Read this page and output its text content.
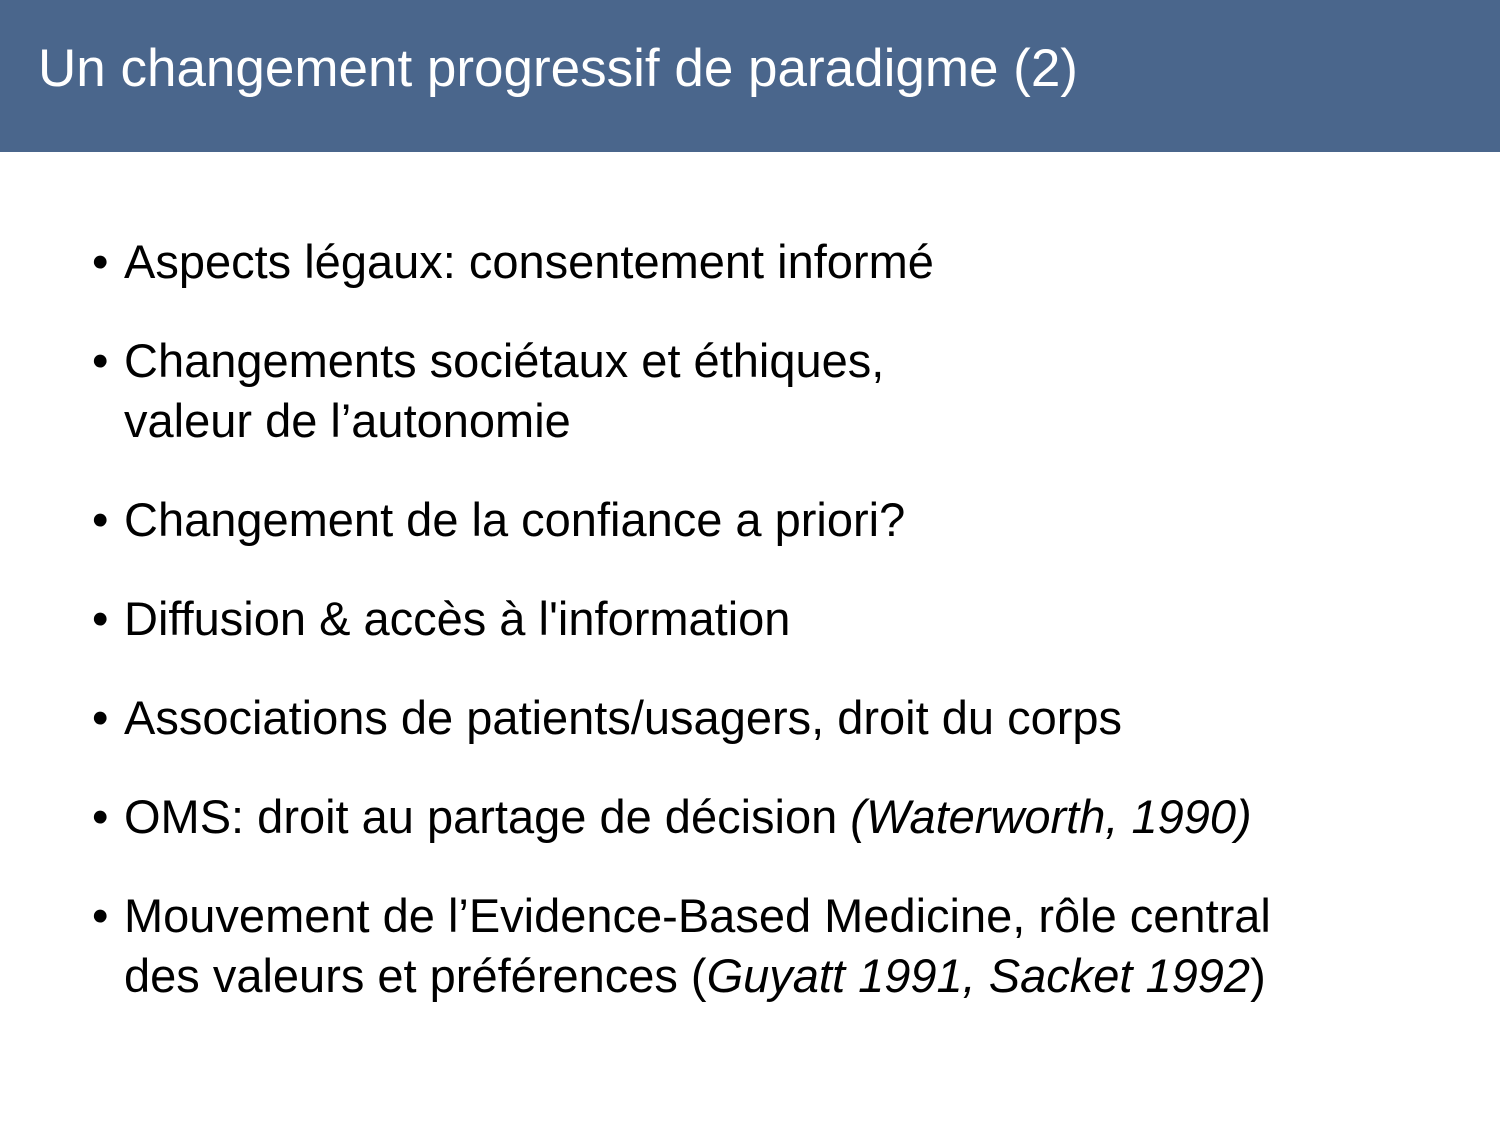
Un changement progressif de paradigme (2)
• Aspects légaux: consentement informé
• Changements sociétaux et éthiques,
valeur de l’autonomie
• Changement de la confiance a priori?
• Diffusion & accès à l'information
• Associations de patients/usagers, droit du corps
• OMS: droit au partage de décision (Waterworth, 1990)
• Mouvement de l’Evidence-Based Medicine, rôle central
des valeurs et préférences (Guyatt 1991, Sacket 1992)
